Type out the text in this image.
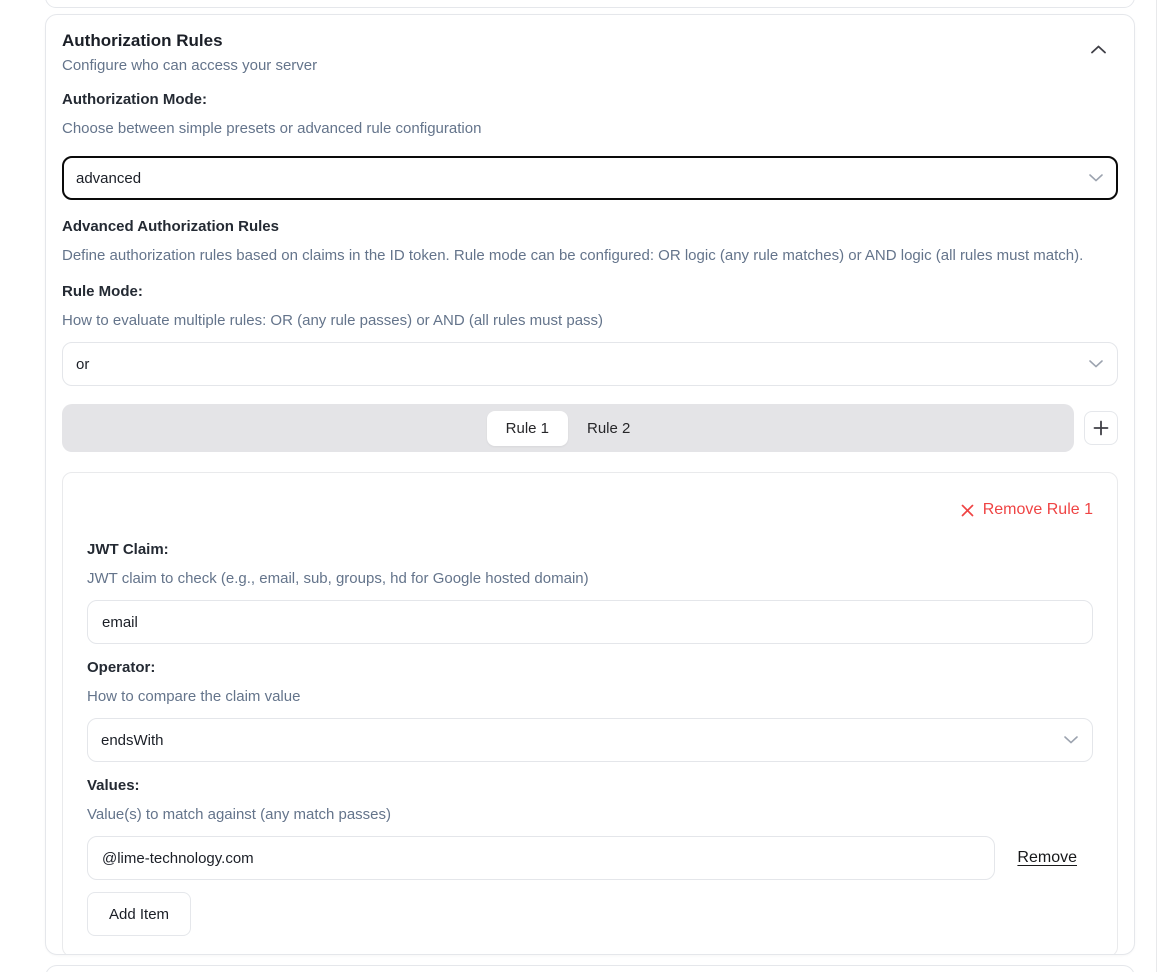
Authorization Rules
Configure who can access your server
Authorization Mode:
Choose between simple presets or advanced rule configuration
advanced
Advanced Authorization Rules
Define authorization rules based on claims in the ID token. Rule mode can be configured: OR logic (any rule matches) or AND logic (all rules must match).
Rule Mode:
How to evaluate multiple rules: OR (any rule passes) or AND (all rules must pass)
or
Rule 1	Rule 2
Remove Rule 1
JWT Claim:
JWT claim to check (e.g., email, sub, groups, hd for Google hosted domain)
email
Operator:
How to compare the claim value
endsWith
Values:
Value(s) to match against (any match passes)
@lime-technology.com
Remove
Add Item
